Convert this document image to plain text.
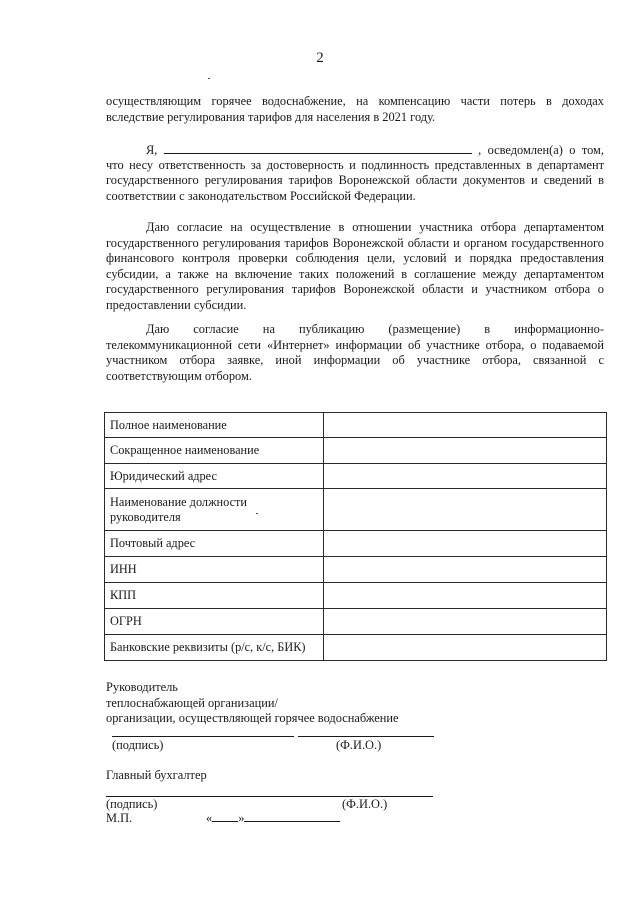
2

осуществляющим горячее водоснабжение, на компенсацию части потерь в доходах

вследствие регулирования тарифов для населения в 2021 году.

Я,	, осведомлен(а) о том,

что несу ответственность за достоверность и подлинность представленных в департамент государственного регулирования тарифов Воронежской области документов и сведений в соответствии с законодательством Российской Федерации.

Даю согласие на осуществление в отношении участника отбора департаментом государственного регулирования тарифов Воронежской области и органом государственного финансового контроля проверки соблюдения цели, условий и порядка предоставления субсидии, а также на включение таких положений в соглашение между департаментом государственного регулирования тарифов Воронежской области и участником отбора о предоставлении субсидии.

Даю согласие на публикацию (размещение) в информационно-телекоммуникационной сети «Интернет» информации об участнике отбора, о подаваемой участником отбора заявке, иной информации об участнике отбора, связанной с соответствующим отбором.

Полное наименование	
Сокращенное наименование	
Юридический адрес	
Наименование должности руководителя	
Почтовый адрес	
ИНН	
КПП	
ОГРН	
Банковские реквизиты (р/с, к/с, БИК)	
Руководитель
теплоснабжающей организации/
организации, осуществляющей горячее водоснабжение
(подпись)	(Ф.И.О.)
Главный бухгалтер
(подпись)	(Ф.И.О.)
М.П.	« »
